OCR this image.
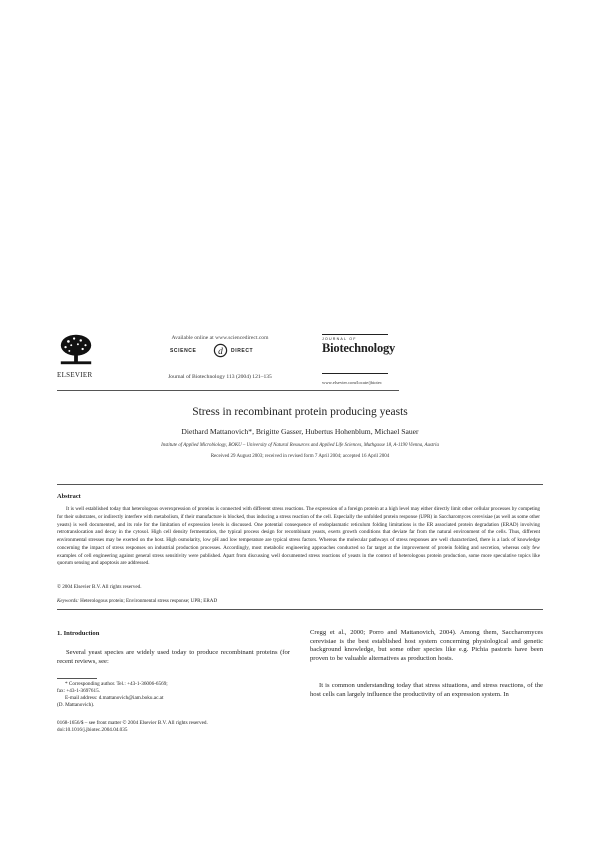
ELSEVIER
Available online at www.sciencedirect.com
SCIENCE d DIRECT
Journal of Biotechnology 113 (2004) 121–135
JOURNAL OF
Biotechnology
www.elsevier.com/locate/jbiotec
Stress in recombinant protein producing yeasts
Diethard Mattanovich*, Brigitte Gasser, Hubertus Hohenblum, Michael Sauer
Institute of Applied Microbiology, BOKU – University of Natural Resources and Applied Life Sciences, Muthgasse 18, A-1190 Vienna, Austria
Received 29 August 2003; received in revised form 7 April 2004; accepted 16 April 2004
Abstract
It is well established today that heterologous overexpression of proteins is connected with different stress reactions. The expression of a foreign protein at a high level may either directly limit other cellular processes by competing for their substrates, or indirectly interfere with metabolism, if their manufacture is blocked, thus inducing a stress reaction of the cell. Especially the unfolded protein response (UPR) in Saccharomyces cerevisiae (as well as some other yeasts) is well documented, and its role for the limitation of expression levels is discussed. One potential consequence of endoplasmatic reticulum folding limitations is the ER associated protein degradation (ERAD) involving retrotranslocation and decay in the cytosol. High cell density fermentation, the typical process design for recombinant yeasts, exerts growth conditions that deviate far from the natural environment of the cells. Thus, different environmental stresses may be exerted on the host. High osmolarity, low pH and low temperature are typical stress factors. Whereas the molecular pathways of stress responses are well characterized, there is a lack of knowledge concerning the impact of stress responses on industrial production processes. Accordingly, most metabolic engineering approaches conducted so far target at the improvement of protein folding and secretion, whereas only few examples of cell engineering against general stress sensitivity were published. Apart from discussing well documented stress reactions of yeasts in the context of heterologous protein production, some more speculative topics like quorum sensing and apoptosis are addressed.
© 2004 Elsevier B.V. All rights reserved.
Keywords: Heterologous protein; Environmental stress response; UPR; ERAD
1. Introduction
Several yeast species are widely used today to produce recombinant proteins (for recent reviews, see:
Cregg et al., 2000; Porro and Mattanovich, 2004). Among them, Saccharomyces cerevisiae is the best established host system concerning physiological and genetic background knowledge, but some other species like e.g. Pichia pastoris have been proven to be valuable alternatives as production hosts.
It is common understanding today that stress situations, and stress reactions, of the host cells can largely influence the productivity of an expression system. In
* Corresponding author. Tel.: +43-1-36006-6569;
fax: +43-1-3697615.
E-mail address: d.mattanovich@iam.boku.ac.at
(D. Mattanovich).
0168-1656/$ – see front matter © 2004 Elsevier B.V. All rights reserved.
doi:10.1016/j.jbiotec.2004.04.035
